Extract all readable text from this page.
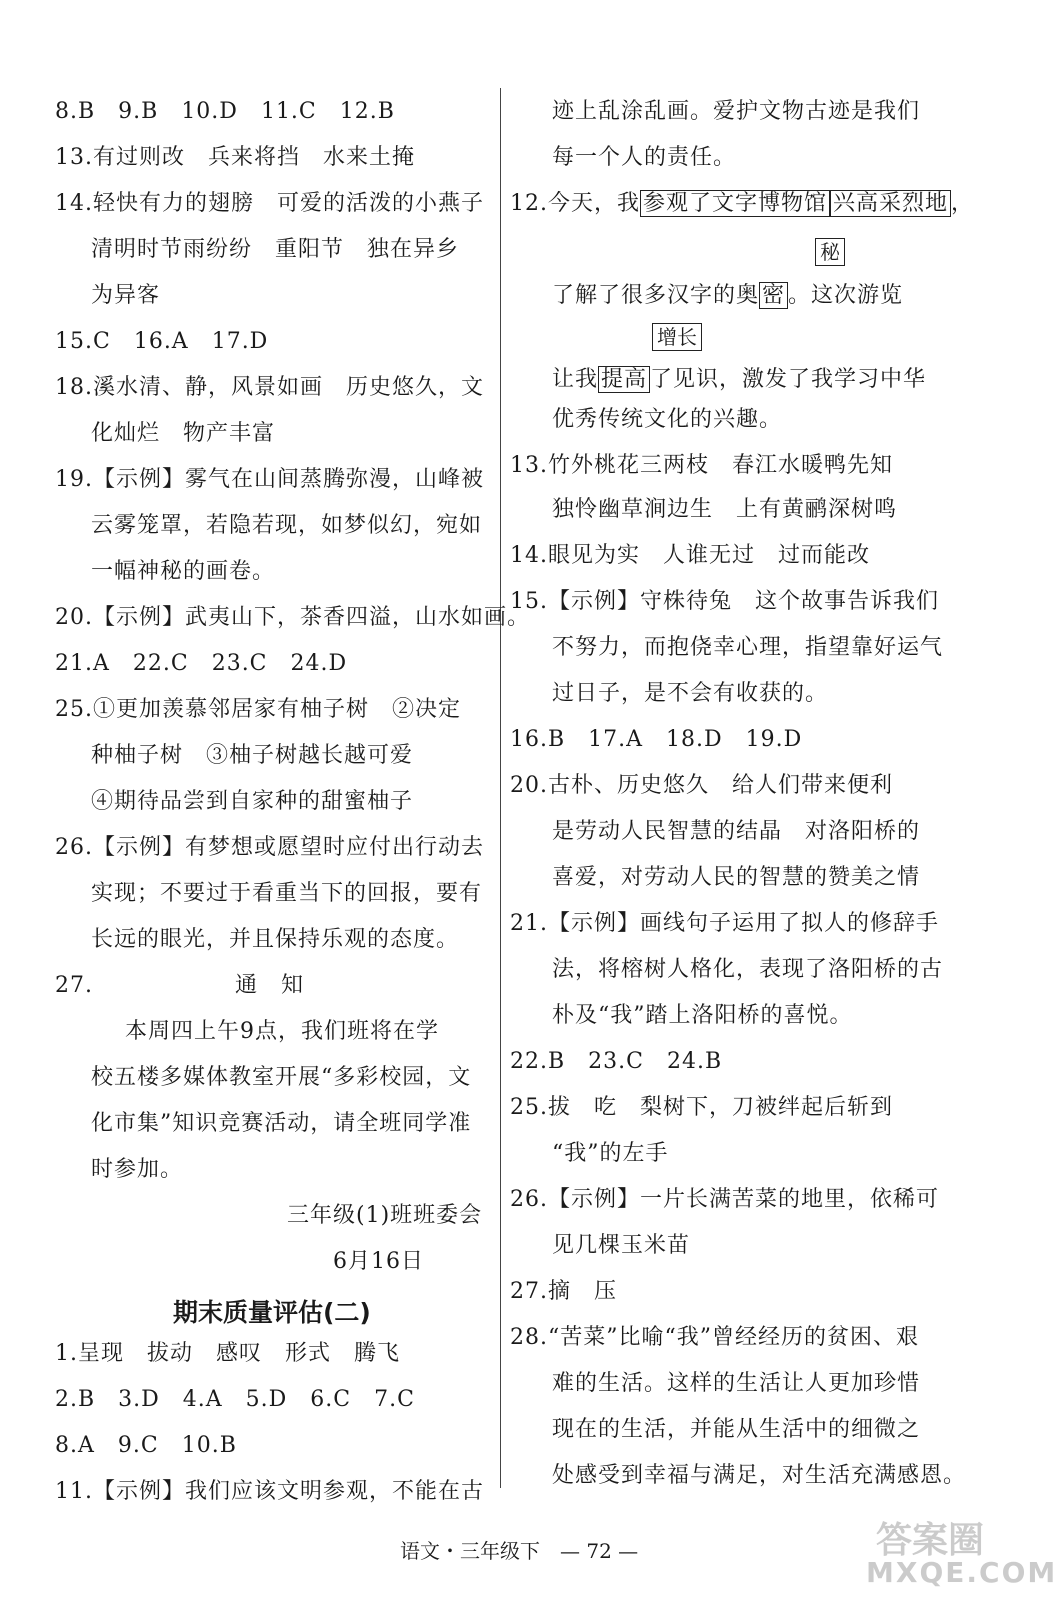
8.B　9.B　10.D　11.C　12.B
13.有过则改　兵来将挡　水来土掩
14.轻快有力的翅膀　可爱的活泼的小燕子
清明时节雨纷纷　重阳节　独在异乡
为异客
15.C　16.A　17.D
18.溪水清、静，风景如画　历史悠久，文
化灿烂　物产丰富
19.【示例】雾气在山间蒸腾弥漫，山峰被
云雾笼罩，若隐若现，如梦似幻，宛如
一幅神秘的画卷。
20.【示例】武夷山下，茶香四溢，山水如画。
21.A　22.C　23.C　24.D
25.①更加羡慕邻居家有柚子树　②决定
种柚子树　③柚子树越长越可爱
④期待品尝到自家种的甜蜜柚子
26.【示例】有梦想或愿望时应付出行动去
实现；不要过于看重当下的回报，要有
长远的眼光，并且保持乐观的态度。
27.	通　知
本周四上午9点，我们班将在学
校五楼多媒体教室开展“多彩校园，文
化市集”知识竞赛活动，请全班同学准
时参加。
三年级(1)班班委会
6月16日
期末质量评估(二)
1.呈现　拔动　感叹　形式　腾飞
2.B　3.D　4.A　5.D　6.C　7.C
8.A　9.C　10.B
11.【示例】我们应该文明参观，不能在古
迹上乱涂乱画。爱护文物古迹是我们
每一个人的责任。
12.今天，我 参观了文字博物馆 兴高采烈地 ，
秘
了解了很多汉字的奥 密 。这次游览
增长
让我 提高 了见识，激发了我学习中华
优秀传统文化的兴趣。
13.竹外桃花三两枝　春江水暖鸭先知
独怜幽草涧边生　上有黄鹂深树鸣
14.眼见为实　人谁无过　过而能改
15.【示例】守株待兔　这个故事告诉我们
不努力，而抱侥幸心理，指望靠好运气
过日子，是不会有收获的。
16.B　17.A　18.D　19.D
20.古朴、历史悠久　给人们带来便利
是劳动人民智慧的结晶　对洛阳桥的
喜爱，对劳动人民的智慧的赞美之情
21.【示例】画线句子运用了拟人的修辞手
法，将榕树人格化，表现了洛阳桥的古
朴及“我”踏上洛阳桥的喜悦。
22.B　23.C　24.B
25.拔　吃　梨树下，刀被绊起后斩到
“我”的左手
26.【示例】一片长满苦菜的地里，依稀可
见几棵玉米苗
27.摘　压
28.“苦菜”比喻“我”曾经经历的贫困、艰
难的生活。这样的生活让人更加珍惜
现在的生活，并能从生活中的细微之
处感受到幸福与满足，对生活充满感恩。
语文・三年级下　— 72 —	答案圈
MXQE.COM
